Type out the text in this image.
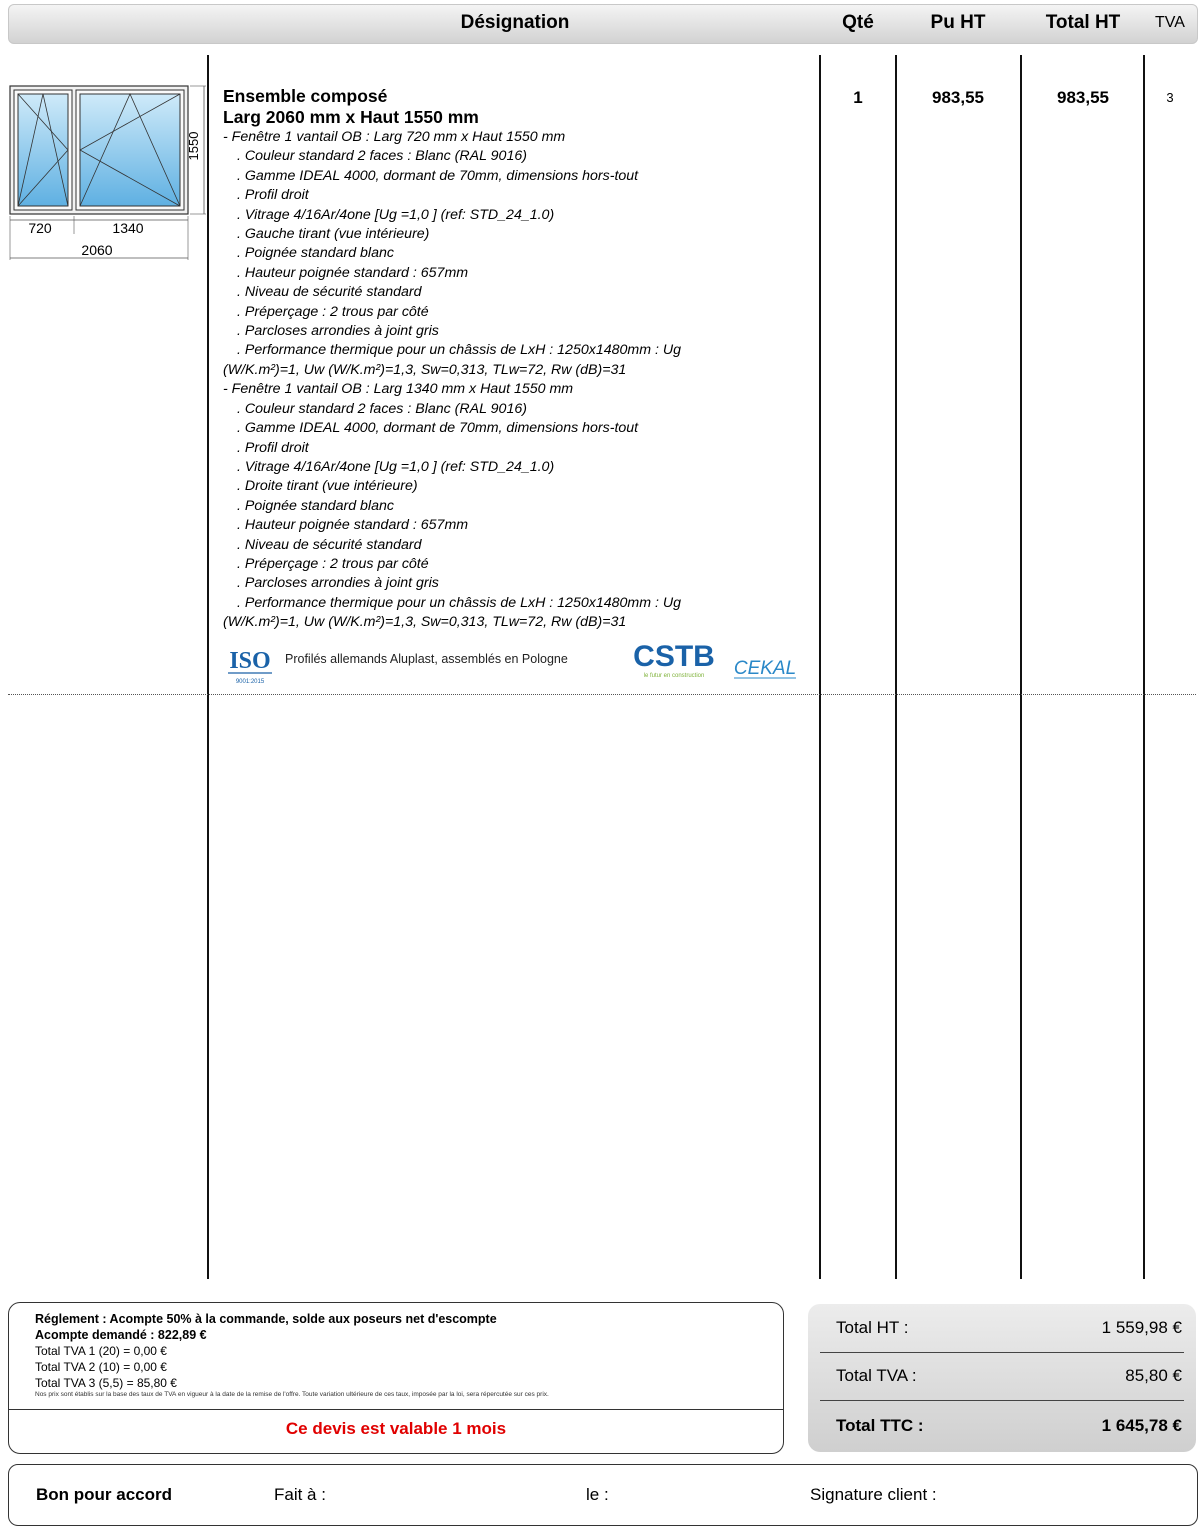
Désignation	Qté	Pu HT	Total HT	TVA
1550
720	1340
2060
Ensemble composé
Larg 2060 mm x Haut 1550 mm
- Fenêtre 1 vantail OB : Larg 720 mm x Haut 1550 mm
. Couleur standard 2 faces : Blanc (RAL 9016)
. Gamme IDEAL 4000, dormant de 70mm, dimensions hors-tout
. Profil droit
. Vitrage 4/16Ar/4one [Ug =1,0 ] (ref: STD_24_1.0)
. Gauche tirant (vue intérieure)
. Poignée standard blanc
. Hauteur poignée standard : 657mm
. Niveau de sécurité standard
. Préperçage : 2 trous par côté
. Parcloses arrondies à joint gris
. Performance thermique pour un châssis de LxH : 1250x1480mm : Ug
(W/K.m²)=1, Uw (W/K.m²)=1,3, Sw=0,313, TLw=72, Rw (dB)=31
- Fenêtre 1 vantail OB : Larg 1340 mm x Haut 1550 mm
. Couleur standard 2 faces : Blanc (RAL 9016)
. Gamme IDEAL 4000, dormant de 70mm, dimensions hors-tout
. Profil droit
. Vitrage 4/16Ar/4one [Ug =1,0 ] (ref: STD_24_1.0)
. Droite tirant (vue intérieure)
. Poignée standard blanc
. Hauteur poignée standard : 657mm
. Niveau de sécurité standard
. Préperçage : 2 trous par côté
. Parcloses arrondies à joint gris
. Performance thermique pour un châssis de LxH : 1250x1480mm : Ug
(W/K.m²)=1, Uw (W/K.m²)=1,3, Sw=0,313, TLw=72, Rw (dB)=31
ISO
9001:2015
Profilés allemands Aluplast, assemblés en Pologne CSTB
le futur en construction CEKAL
1	983,55	983,55	3
Réglement : Acompte 50% à la commande, solde aux poseurs net d'escompte
Acompte demandé : 822,89 €
Total TVA 1 (20) = 0,00 €
Total TVA 2 (10) = 0,00 €
Total TVA 3 (5,5) = 85,80 €
Nos prix sont établis sur la base des taux de TVA en vigueur à la date de la remise de l'offre. Toute variation ultérieure de ces taux, imposée par la loi, sera répercutée sur ces prix.
Ce devis est valable 1 mois
Total HT :	1 559,98 €
Total TVA :	85,80 €
Total TTC :	1 645,78 €
Bon pour accord	Fait à :	le :	Signature client :
